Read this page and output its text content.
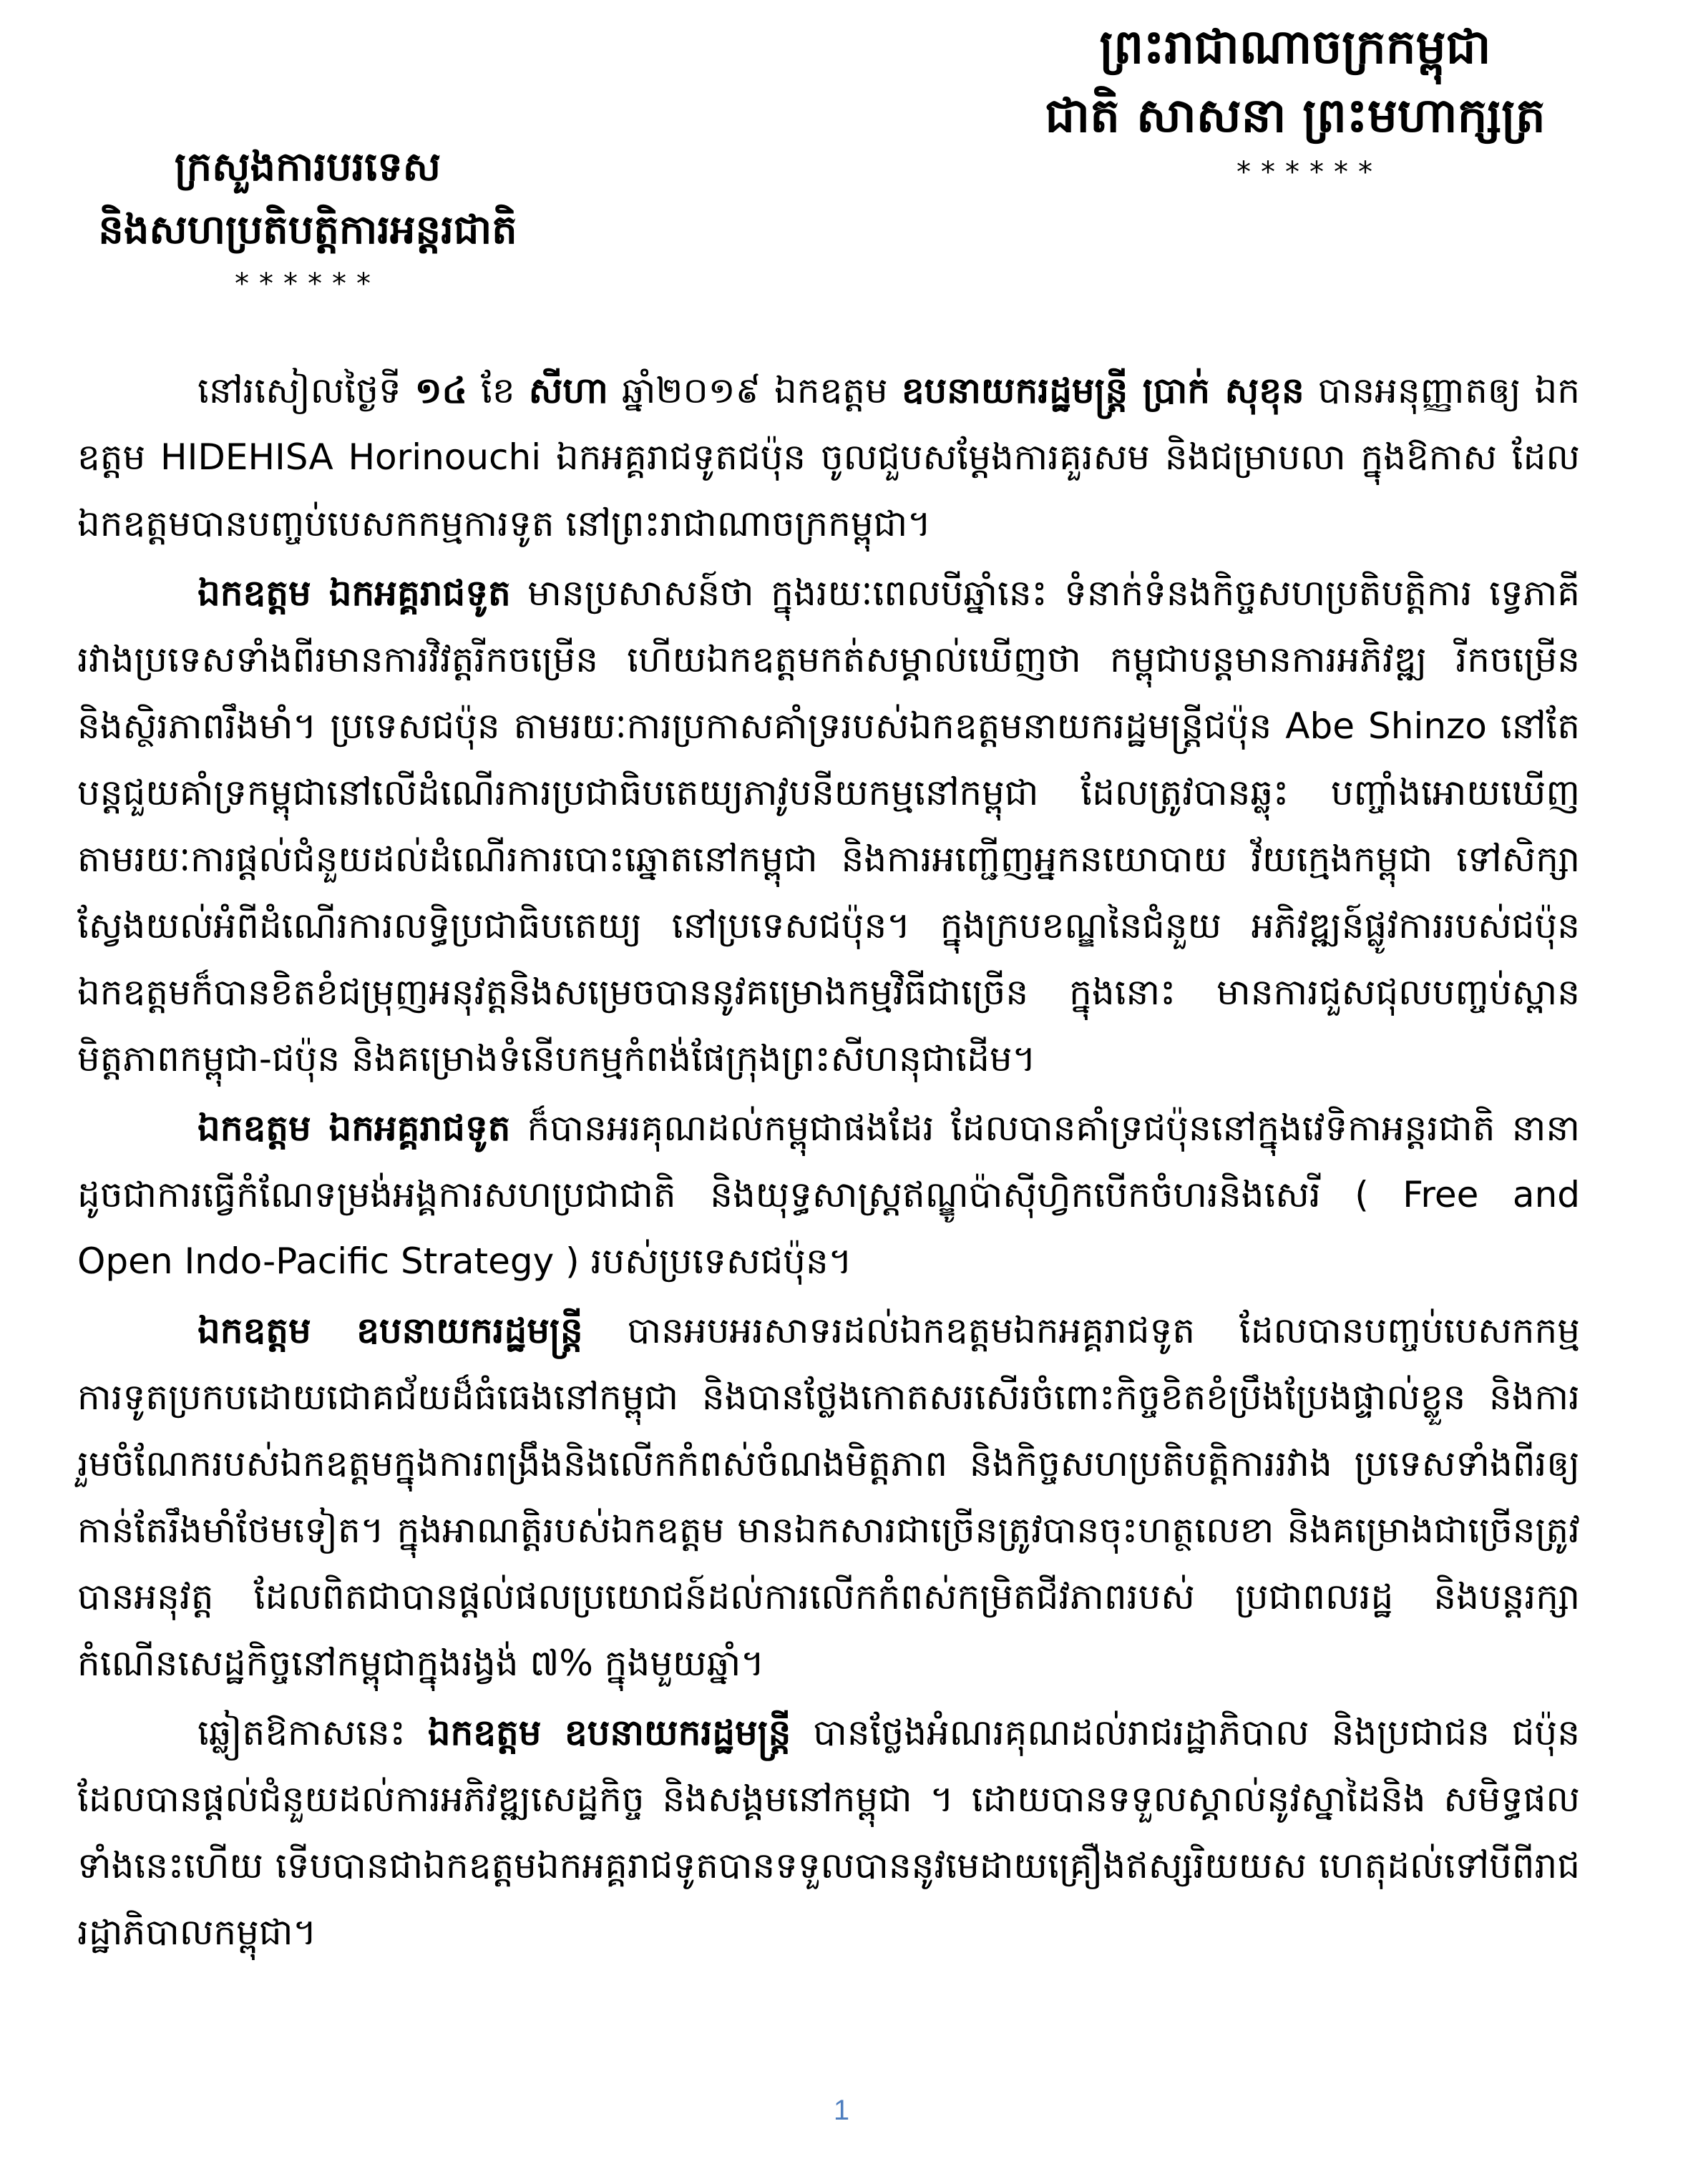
ព្រះរាជាណាចក្រកម្ពុជា
ជាតិ សាសនា ព្រះមហាក្សត្រ
******
ក្រសួងការបរទេស
និងសហប្រតិបត្តិការអន្តរជាតិ
******

នៅរសៀលថ្ងៃទី ១៤ ខែ សីហា ឆ្នាំ២០១៩ ឯកឧត្តម ឧបនាយករដ្ឋមន្ត្រី ប្រាក់ សុខុន បានអនុញ្ញាតឲ្យ ឯកឧត្តម HIDEHISA Horinouchi ឯកអគ្គរាជទូតជប៉ុន ចូលជួបសម្តែងការគួរសម និងជម្រាបលា ក្នុងឱកាស ដែលឯកឧត្តមបានបញ្ចប់បេសកកម្មការទូត នៅព្រះរាជាណាចក្រកម្ពុជា។

ឯកឧត្តម ឯកអគ្គរាជទូត មានប្រសាសន៍ថា ក្នុងរយៈពេលបីឆ្នាំនេះ ទំនាក់ទំនងកិច្ចសហប្រតិបត្តិការ ទ្វេភាគីរវាងប្រទេសទាំងពីរមានការវិវត្តរីកចម្រើន ហើយឯកឧត្តមកត់សម្គាល់ឃើញថា កម្ពុជាបន្តមានការអភិវឌ្ឍ រីកចម្រើន និងស្ថិរភាពរឹងមាំ។ ប្រទេសជប៉ុន តាមរយៈការប្រកាសគាំទ្ររបស់ឯកឧត្តមនាយករដ្ឋមន្ត្រីជប៉ុន Abe Shinzo នៅតែបន្តជួយគាំទ្រកម្ពុជានៅលើដំណើរការប្រជាធិបតេយ្យភាវូបនីយកម្មនៅកម្ពុជា ដែលត្រូវបានឆ្លុះ បញ្ចាំងអោយឃើញតាមរយៈការផ្តល់ជំនួយដល់ដំណើរការបោះឆ្នោតនៅកម្ពុជា និងការអញ្ជើញអ្នកនយោបាយ វ័យក្មេងកម្ពុជា ទៅសិក្សាស្វែងយល់អំពីដំណើរការលទ្ធិប្រជាធិបតេយ្យ នៅប្រទេសជប៉ុន។ ក្នុងក្របខណ្ឌនៃជំនួយ អភិវឌ្ឍន៍ផ្លូវការរបស់ជប៉ុន ឯកឧត្តមក៏បានខិតខំជម្រុញអនុវត្តនិងសម្រេចបាននូវគម្រោងកម្មវិធីជាច្រើន ក្នុងនោះ មានការជួសជុលបញ្ចប់ស្ពានមិត្តភាពកម្ពុជា-ជប៉ុន និងគម្រោងទំនើបកម្មកំពង់ផែក្រុងព្រះសីហនុជាដើម។

ឯកឧត្តម ឯកអគ្គរាជទូត ក៏បានអរគុណដល់កម្ពុជាផងដែរ ដែលបានគាំទ្រជប៉ុននៅក្នុងវេទិកាអន្តរជាតិ នានា ដូចជាការធ្វើកំណែទម្រង់អង្គការសហប្រជាជាតិ និងយុទ្ធសាស្ត្រឥណ្ឌូប៉ាស៊ីហ្វិកបើកចំហរនិងសេរី ( Free and Open Indo-Pacific Strategy ) របស់ប្រទេសជប៉ុន។

ឯកឧត្តម ឧបនាយករដ្ឋមន្ត្រី បានអបអរសាទរដល់ឯកឧត្តមឯកអគ្គរាជទូត ដែលបានបញ្ចប់បេសកកម្ម ការទូតប្រកបដោយជោគជ័យដ៏ធំធេងនៅកម្ពុជា និងបានថ្លែងកោតសរសើរចំពោះកិច្ចខិតខំប្រឹងប្រែងផ្ទាល់ខ្លួន និងការរួមចំណែករបស់ឯកឧត្តមក្នុងការពង្រឹងនិងលើកកំពស់ចំណងមិត្តភាព និងកិច្ចសហប្រតិបត្តិការរវាង ប្រទេសទាំងពីរឲ្យកាន់តែរឹងមាំថែមទៀត។ ក្នុងអាណត្តិរបស់ឯកឧត្តម មានឯកសារជាច្រើនត្រូវបានចុះហត្ថលេខា និងគម្រោងជាច្រើនត្រូវបានអនុវត្ត ដែលពិតជាបានផ្តល់ផលប្រយោជន៍ដល់ការលើកកំពស់កម្រិតជីវភាពរបស់ ប្រជាពលរដ្ឋ និងបន្តរក្សាកំណើនសេដ្ឋកិច្ចនៅកម្ពុជាក្នុងរង្វង់ ៧% ក្នុងមួយឆ្នាំ។

ឆ្លៀតឱកាសនេះ ឯកឧត្តម ឧបនាយករដ្ឋមន្ត្រី បានថ្លែងអំណរគុណដល់រាជរដ្ឋាភិបាល និងប្រជាជន ជប៉ុនដែលបានផ្តល់ជំនួយដល់ការអភិវឌ្ឍសេដ្ឋកិច្ច និងសង្គមនៅកម្ពុជា ។ ដោយបានទទួលស្គាល់នូវស្នាដៃនិង សមិទ្ធផលទាំងនេះហើយ ទើបបានជាឯកឧត្តមឯកអគ្គរាជទូតបានទទួលបាននូវមេដាយគ្រឿងឥស្សរិយយស ហេតុដល់ទៅបីពីរាជរដ្ឋាភិបាលកម្ពុជា។

1
